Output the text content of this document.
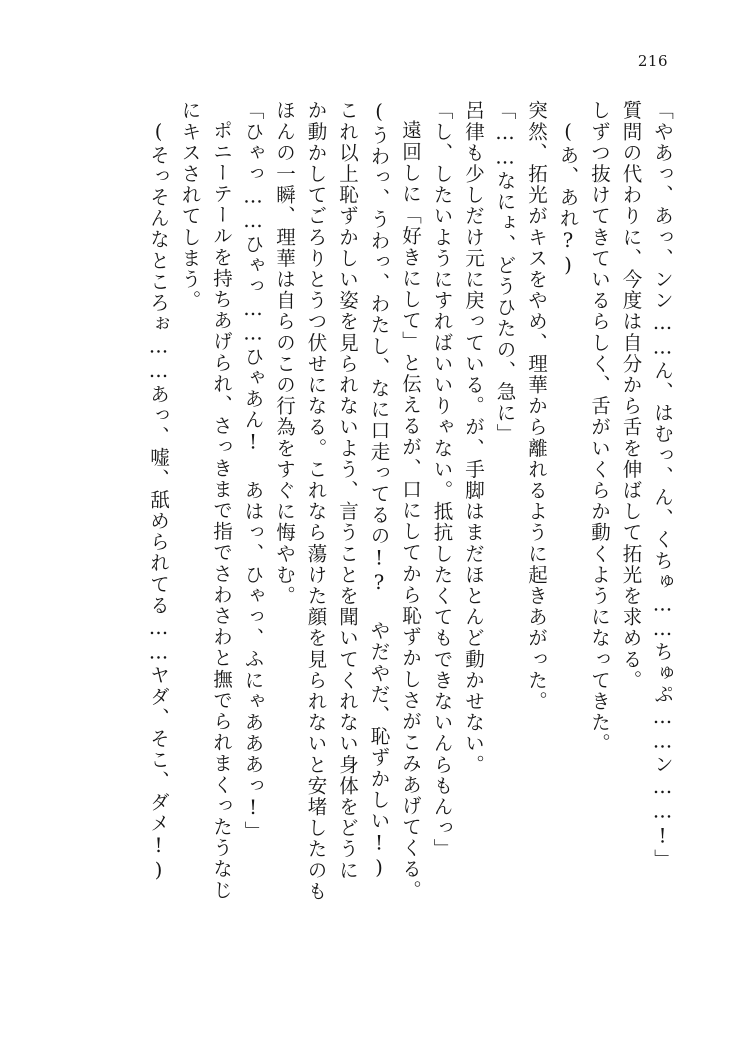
216
「やあっ、あっ、ンン……ん、はむっ、ん、くちゅ……ちゅぷ……ン……!」
質問の代わりに、今度は自分から舌を伸ばして拓光を求める。
しずつ抜けてきているらしく、舌がいくらか動くようになってきた。
(あ、あれ?)
突然、拓光がキスをやめ、理華から離れるように起きあがった。
「……なにょ、どうひたの、急に」
呂律も少しだけ元に戻っている。が、手脚はまだほとんど動かせない。
「し、したいようにすればいいりゃない。抵抗したくてもできないんらもんっ」
遠回しに「好きにして」と伝えるが、口にしてから恥ずかしさがこみあげてくる。
(うわっ、うわっ、わたし、なに口走ってるの!? やだやだ、恥ずかしい!)
これ以上恥ずかしい姿を見られないよう、言うことを聞いてくれない身体をどうに
か動かしてごろりとうつ伏せになる。これなら蕩けた顔を見られないと安堵したのも
ほんの一瞬、理華は自らのこの行為をすぐに悔やむ。
「ひゃっ……ひゃっ……ひゃあん! あはっ、ひゃっ、ふにゃあああっ!」
ポニーテールを持ちあげられ、さっきまで指でさわさわと撫でられまくったうなじ
にキスされてしまう。
(そっそんなところぉ……あっ、嘘、舐められてる……ヤダ、そこ、ダメ!)
